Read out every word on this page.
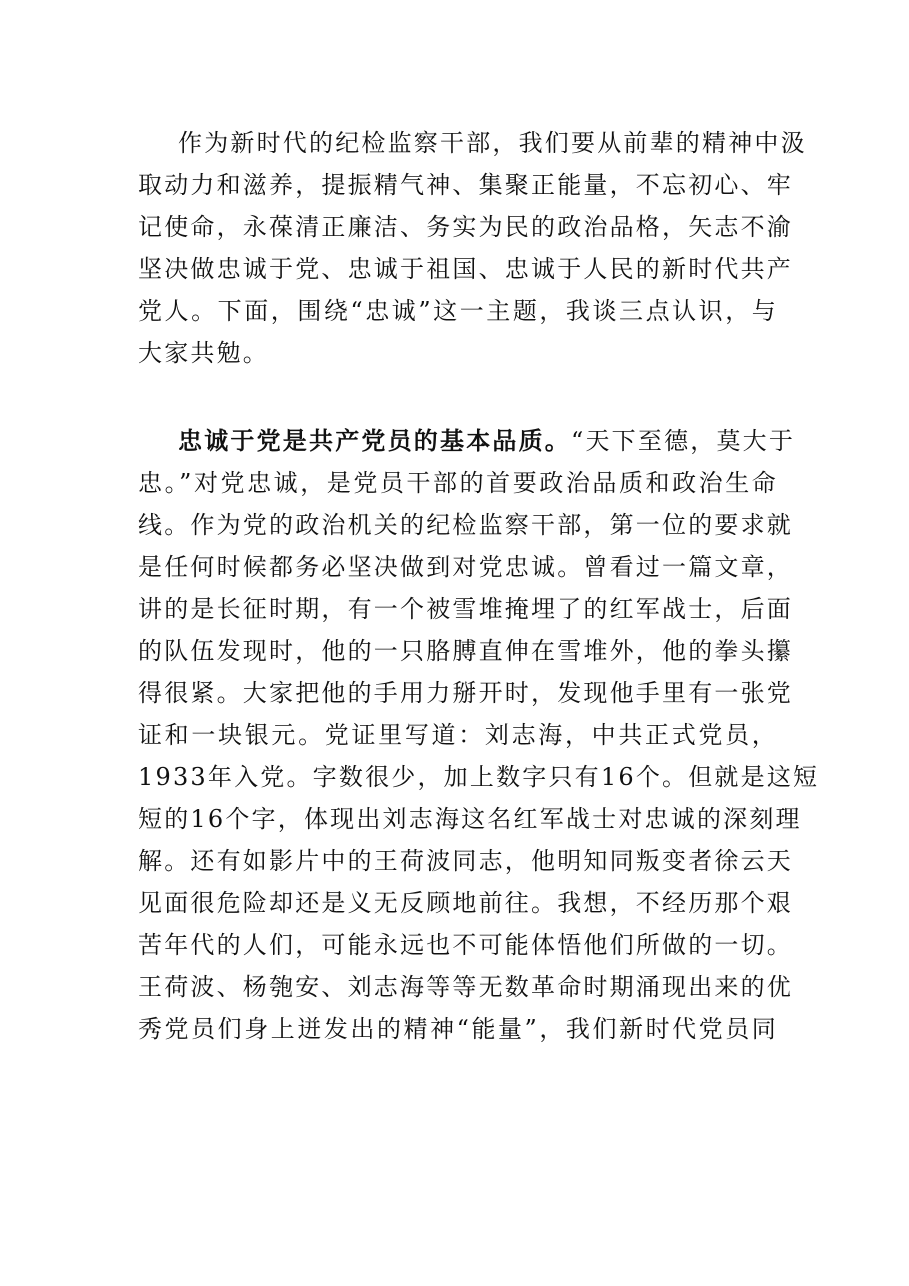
作为新时代的纪检监察干部，我们要从前辈的精神中汲
取动力和滋养，提振精气神、集聚正能量，不忘初心、牢
记使命，永葆清正廉洁、务实为民的政治品格，矢志不渝
坚决做忠诚于党、忠诚于祖国、忠诚于人民的新时代共产
党人。下面，围绕“忠诚”这一主题，我谈三点认识，与
大家共勉。
忠诚于党是共产党员的基本品质。“天下至德，莫大于
忠。”对党忠诚，是党员干部的首要政治品质和政治生命
线。作为党的政治机关的纪检监察干部，第一位的要求就
是任何时候都务必坚决做到对党忠诚。曾看过一篇文章，
讲的是长征时期，有一个被雪堆掩埋了的红军战士，后面
的队伍发现时，他的一只胳膊直伸在雪堆外，他的拳头攥
得很紧。大家把他的手用力掰开时，发现他手里有一张党
证和一块银元。党证里写道：刘志海，中共正式党员，
1933年入党。字数很少，加上数字只有16个。但就是这短
短的16个字，体现出刘志海这名红军战士对忠诚的深刻理
解。还有如影片中的王荷波同志，他明知同叛变者徐云天
见面很危险却还是义无反顾地前往。我想，不经历那个艰
苦年代的人们，可能永远也不可能体悟他们所做的一切。
王荷波、杨匏安、刘志海等等无数革命时期涌现出来的优
秀党员们身上迸发出的精神“能量”，我们新时代党员同
